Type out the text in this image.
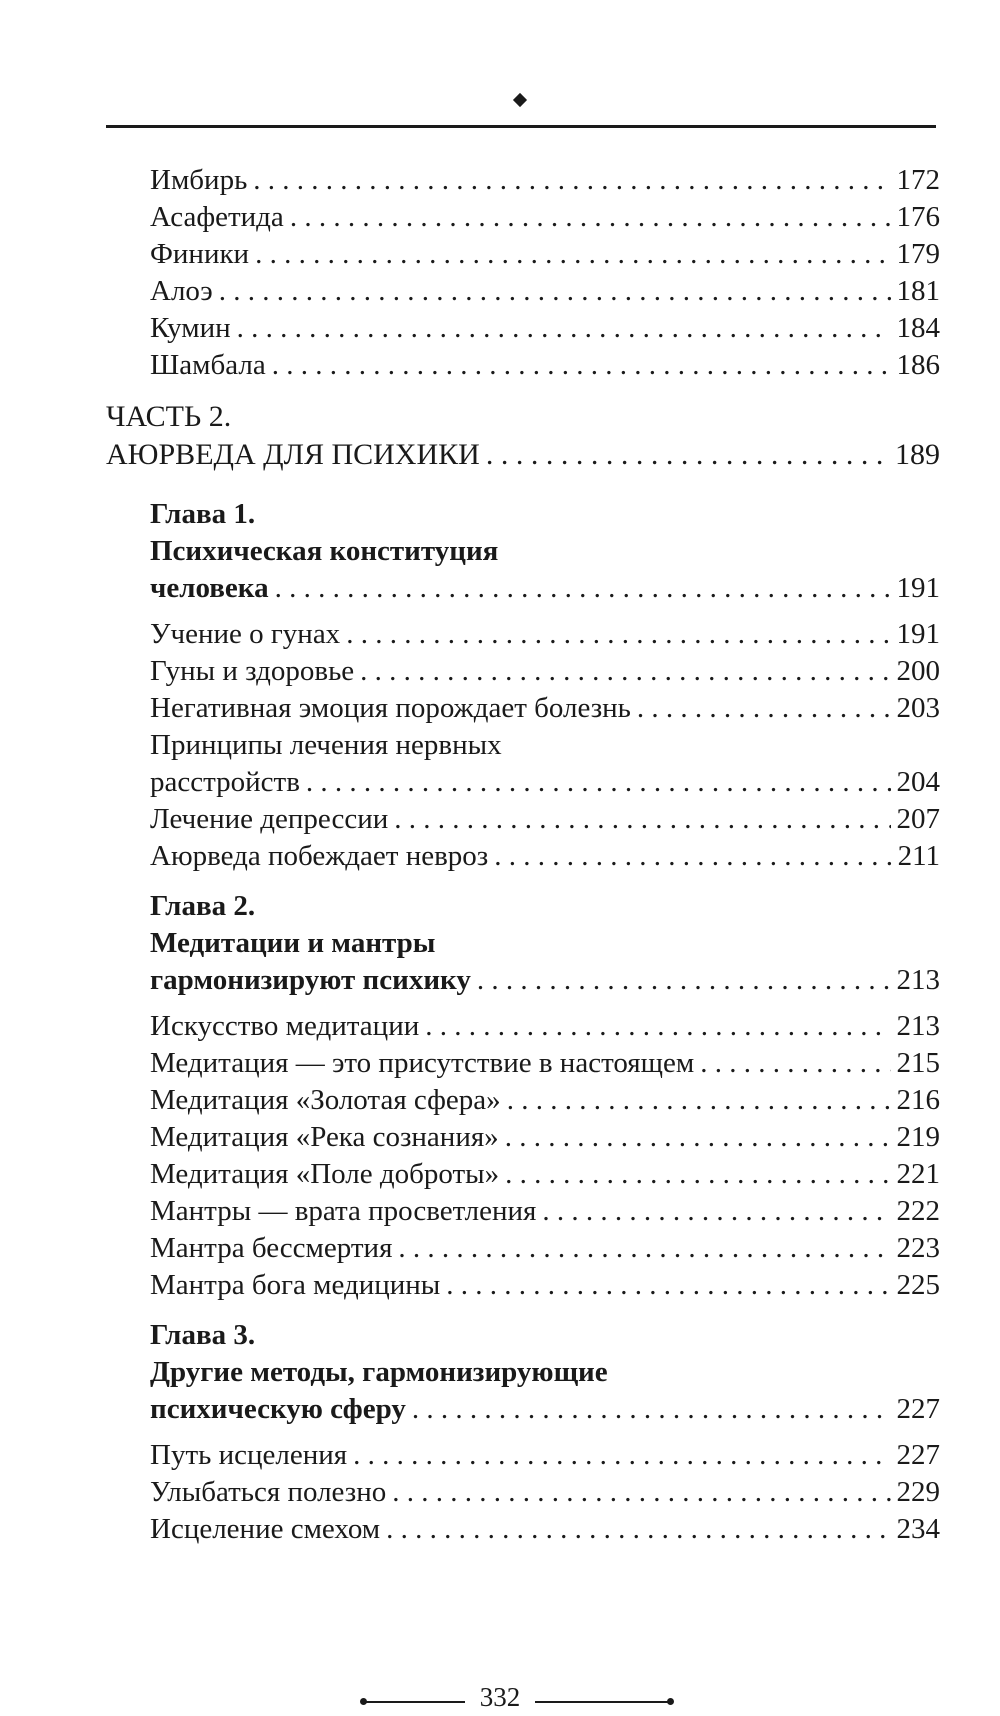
Имбирь . . .	172
Асафетида . . .	176
Финики . . .	179
Алоэ . . .	181
Кумин . . .	184
Шамбала . . .	186
ЧАСТЬ 2.
АЮРВЕДА ДЛЯ ПСИХИКИ . . .	189
Глава 1.
Психическая конституция
человека . . .	191
Учение о гунах . . .	191
Гуны и здоровье . . .	200
Негативная эмоция порождает болезнь . . .	203
Принципы лечения нервных
расстройств . . .	204
Лечение депрессии . . .	207
Аюрведа побеждает невроз . . .	211
Глава 2.
Медитации и мантры
гармонизируют психику . . .	213
Искусство медитации . . .	213
Медитация — это присутствие в настоящем . . .	215
Медитация «Золотая сфера» . . .	216
Медитация «Река сознания» . . .	219
Медитация «Поле доброты» . . .	221
Мантры — врата просветления . . .	222
Мантра бессмертия . . .	223
Мантра бога медицины . . .	225
Глава 3.
Другие методы, гармонизирующие
психическую сферу . . .	227
Путь исцеления . . .	227
Улыбаться полезно . . .	229
Исцеление смехом . . .	234
332
